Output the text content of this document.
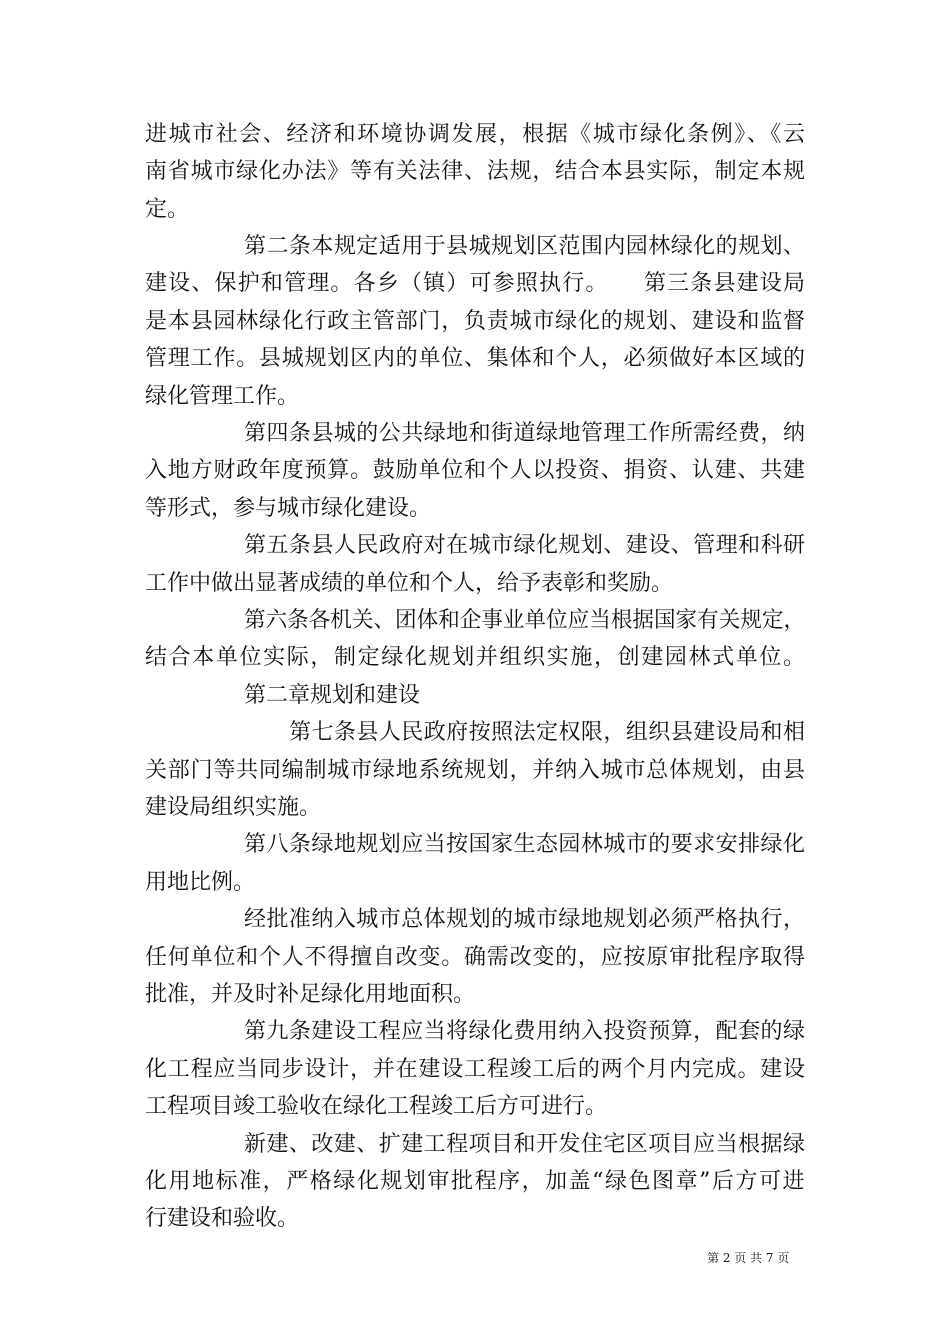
进城市社会、经济和环境协调发展，根据《城市绿化条例》、《云
南省城市绿化办法》等有关法律、法规，结合本县实际，制定本规
定。
第二条本规定适用于县城规划区范围内园林绿化的规划、
建设、保护和管理。各乡（镇）可参照执行。　　第三条县建设局
是本县园林绿化行政主管部门，负责城市绿化的规划、建设和监督
管理工作。县城规划区内的单位、集体和个人，必须做好本区域的
绿化管理工作。
第四条县城的公共绿地和街道绿地管理工作所需经费，纳
入地方财政年度预算。鼓励单位和个人以投资、捐资、认建、共建
等形式，参与城市绿化建设。
第五条县人民政府对在城市绿化规划、建设、管理和科研
工作中做出显著成绩的单位和个人，给予表彰和奖励。
第六条各机关、团体和企事业单位应当根据国家有关规定，
结合本单位实际，制定绿化规划并组织实施，创建园林式单位。
第二章规划和建设
第七条县人民政府按照法定权限，组织县建设局和相
关部门等共同编制城市绿地系统规划，并纳入城市总体规划，由县
建设局组织实施。
第八条绿地规划应当按国家生态园林城市的要求安排绿化
用地比例。
经批准纳入城市总体规划的城市绿地规划必须严格执行，
任何单位和个人不得擅自改变。确需改变的，应按原审批程序取得
批准，并及时补足绿化用地面积。
第九条建设工程应当将绿化费用纳入投资预算，配套的绿
化工程应当同步设计，并在建设工程竣工后的两个月内完成。建设
工程项目竣工验收在绿化工程竣工后方可进行。
新建、改建、扩建工程项目和开发住宅区项目应当根据绿
化用地标准，严格绿化规划审批程序，加盖“绿色图章”后方可进
行建设和验收。
第 2 页 共 7 页
